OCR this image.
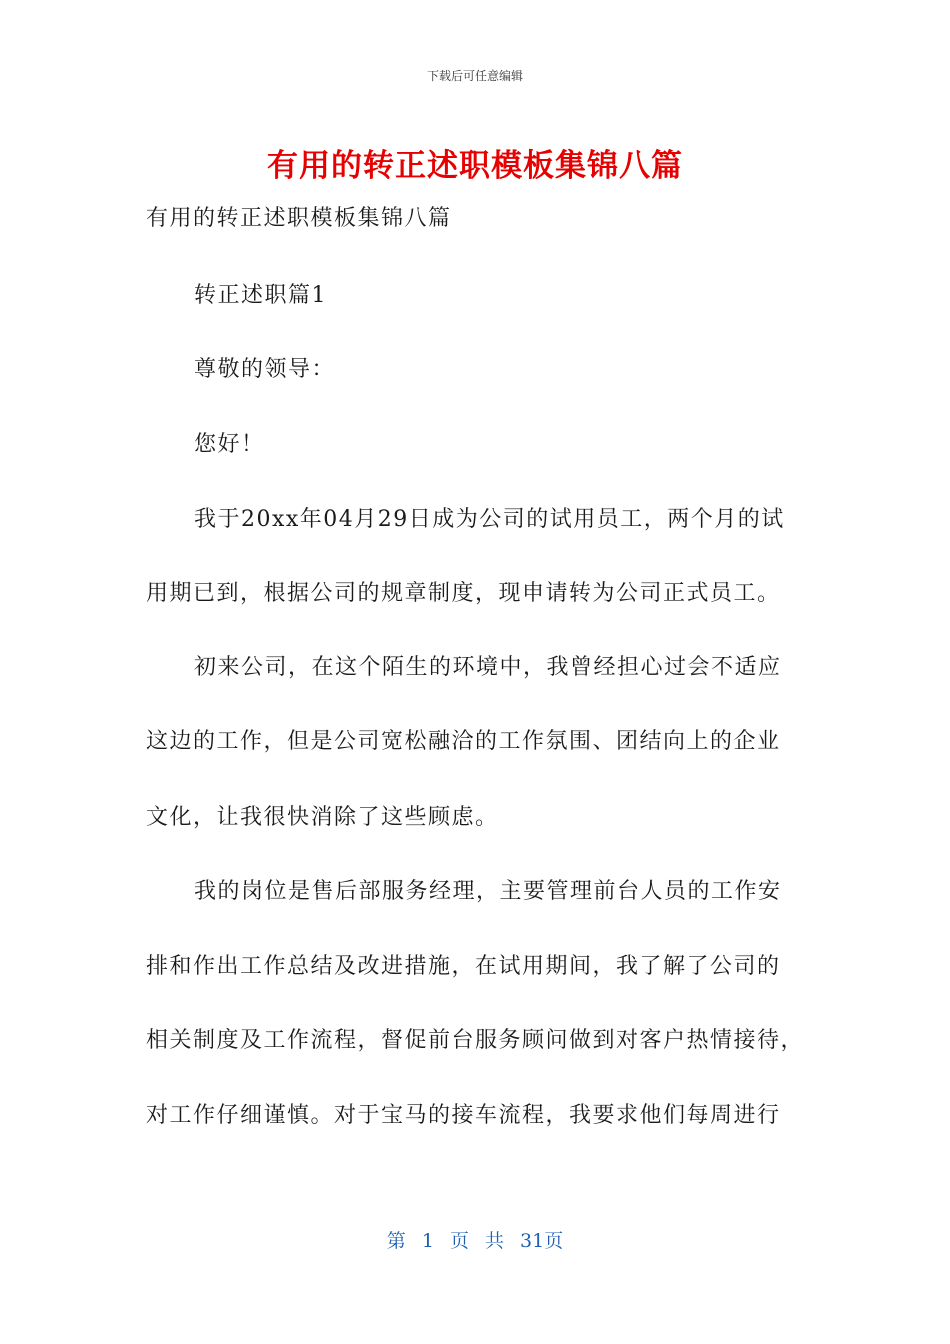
下载后可任意编辑
有用的转正述职模板集锦八篇
有用的转正述职模板集锦八篇
转正述职篇1
尊敬的领导：
您好！
我于20xx年04月29日成为公司的试用员工，两个月的试
用期已到，根据公司的规章制度，现申请转为公司正式员工。
初来公司，在这个陌生的环境中，我曾经担心过会不适应
这边的工作，但是公司宽松融洽的工作氛围、团结向上的企业
文化，让我很快消除了这些顾虑。
我的岗位是售后部服务经理，主要管理前台人员的工作安
排和作出工作总结及改进措施，在试用期间，我了解了公司的
相关制度及工作流程，督促前台服务顾问做到对客户热情接待，
对工作仔细谨慎。对于宝马的接车流程，我要求他们每周进行
第 1 页 共 31页
